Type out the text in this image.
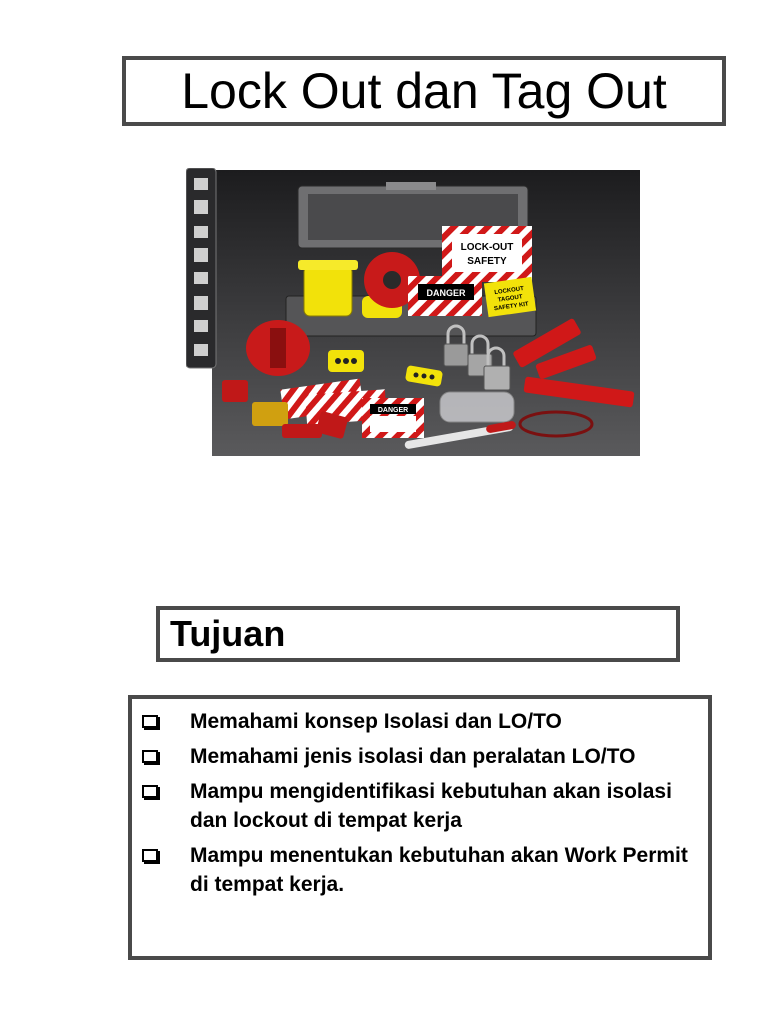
Lock Out dan Tag Out
LOCK-OUT
SAFETY
DANGER	LOCKOUT
TAGOUT
SAFETY KIT
DANGER
Tujuan
Memahami konsep Isolasi dan LO/TO
Memahami jenis isolasi dan peralatan LO/TO
Mampu mengidentifikasi kebutuhan akan isolasi dan lockout di tempat kerja
Mampu menentukan kebutuhan akan Work Permit di tempat kerja.
